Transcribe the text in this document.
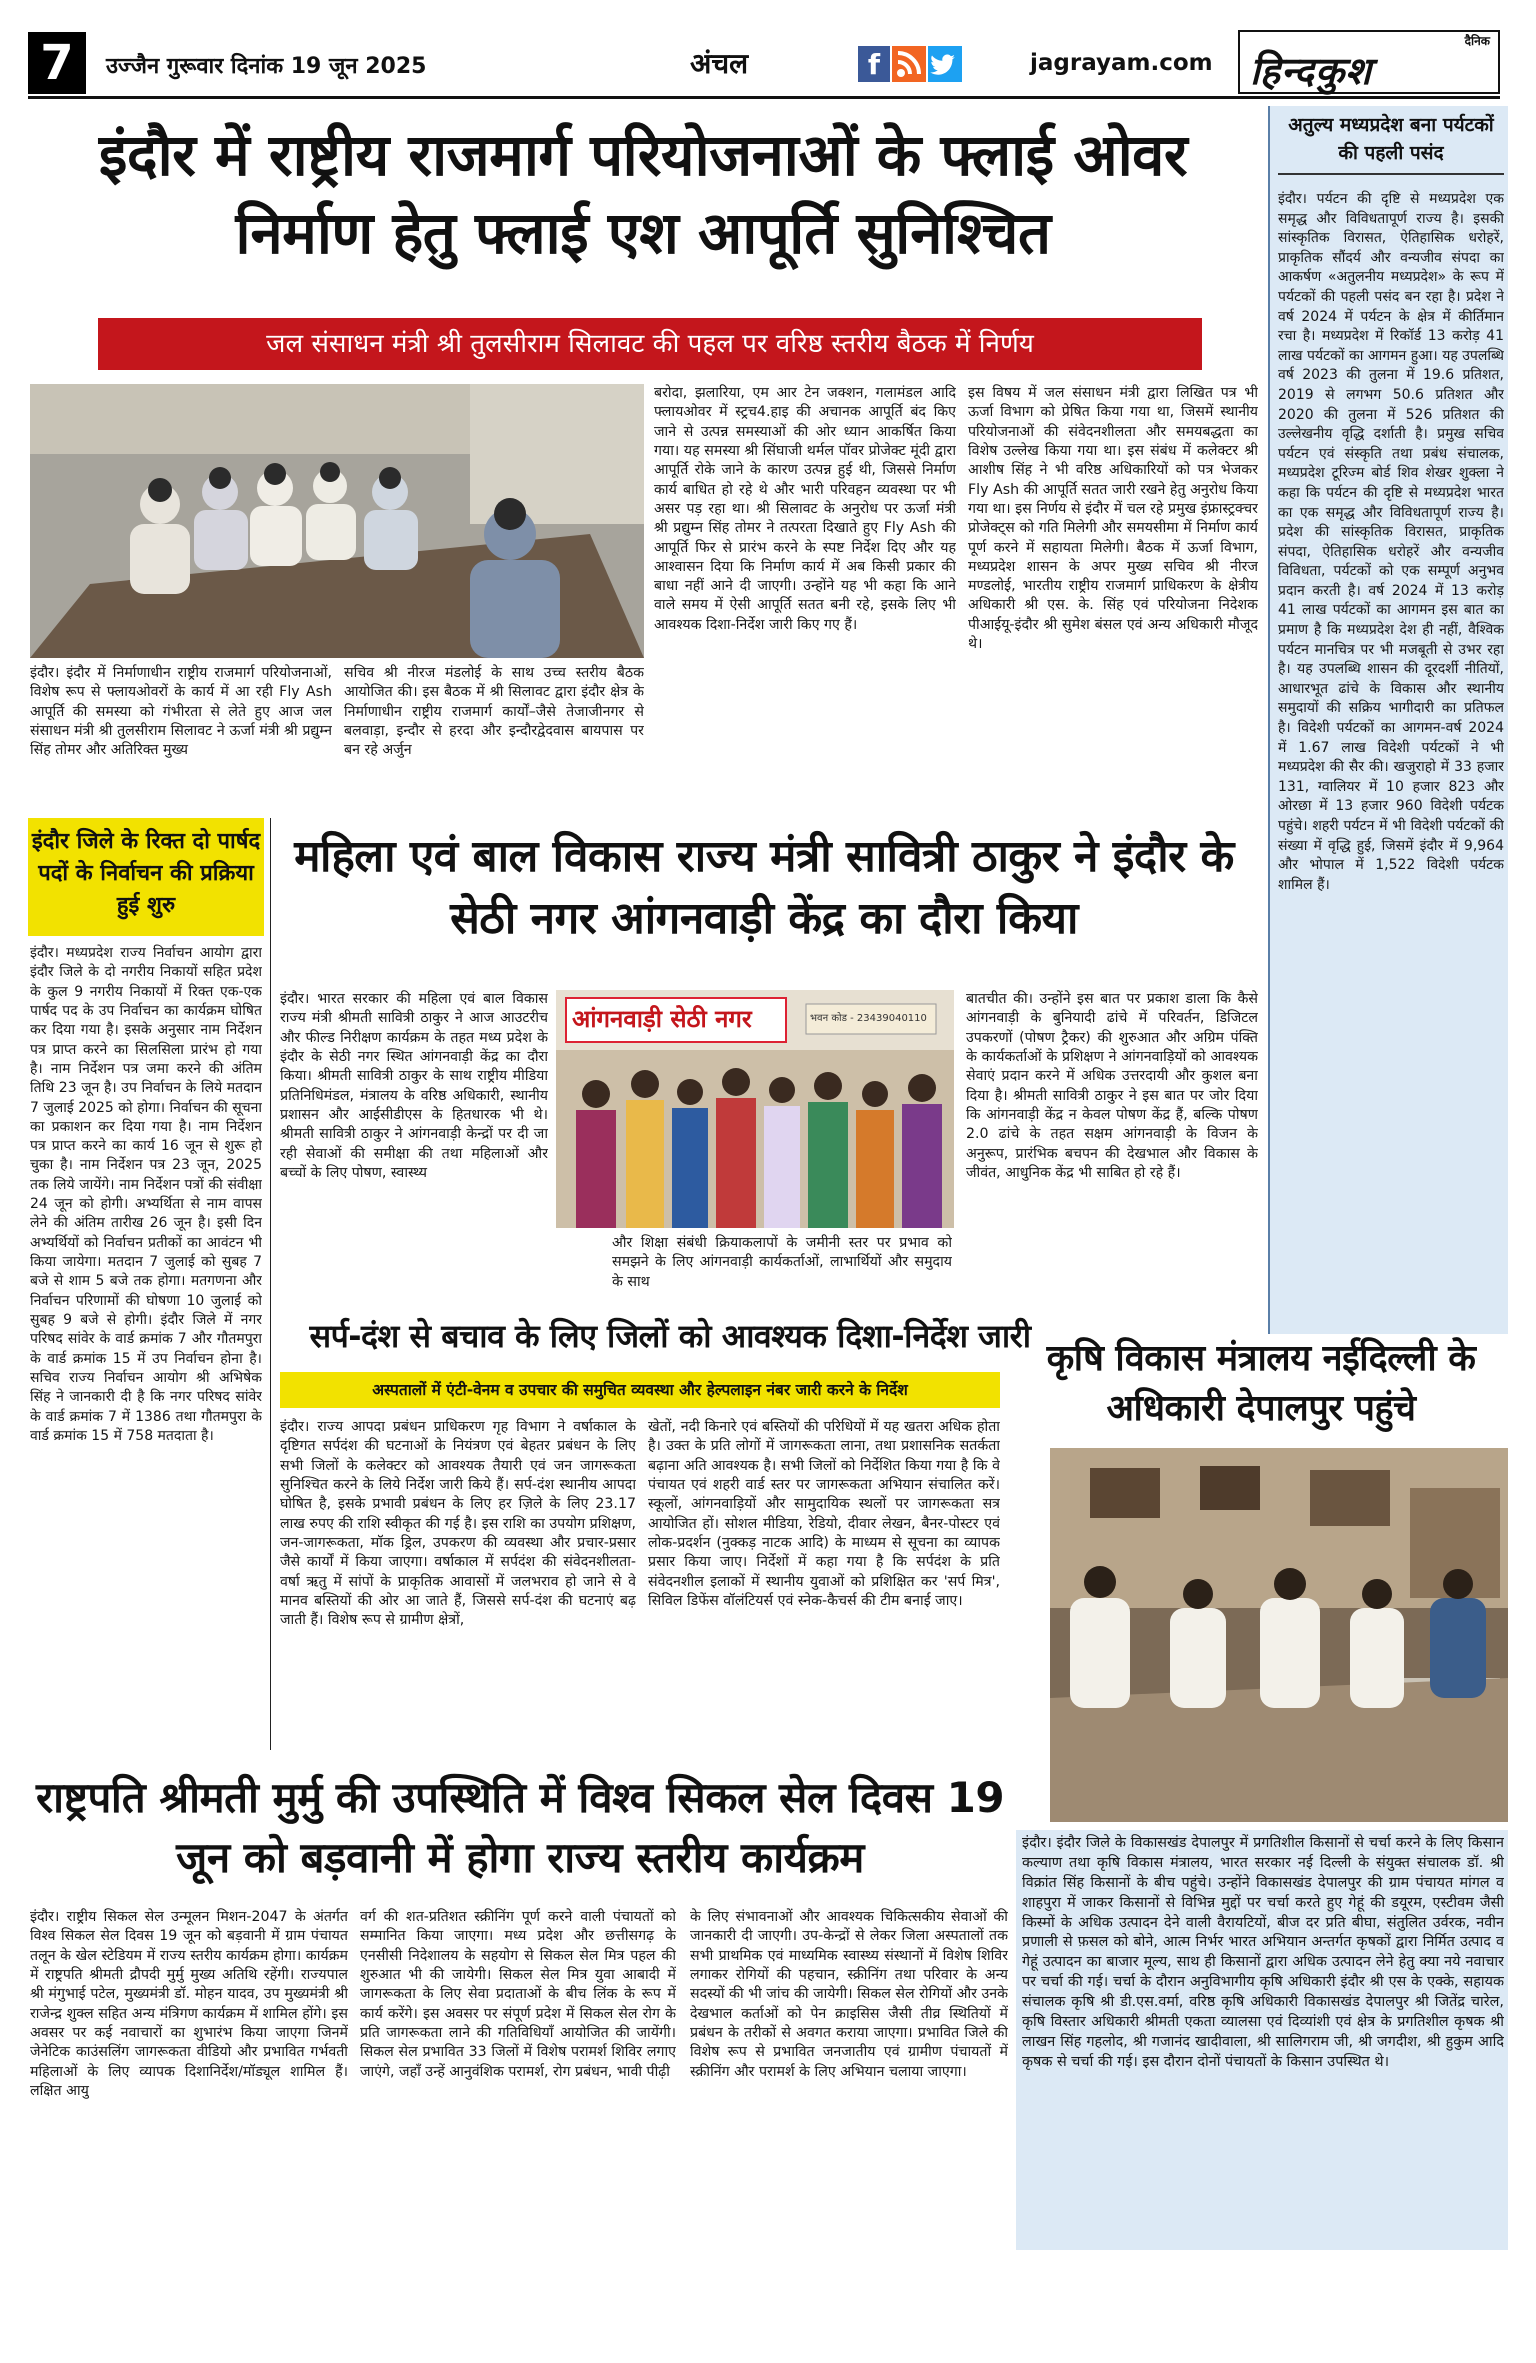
7	उज्जैन गुरूवार दिनांक 19 जून 2025	अंचल	f	jagrayam.com
दैनिक
हिन्दकुश
इंदौर में राष्ट्रीय राजमार्ग परियोजनाओं के फ्लाई ओवर निर्माण हेतु फ्लाई एश आपूर्ति सुनिश्चित
जल संसाधन मंत्री श्री तुलसीराम सिलावट की पहल पर वरिष्ठ स्तरीय बैठक में निर्णय
इंदौर। इंदौर में निर्माणाधीन राष्ट्रीय राजमार्ग परियोजनाओं, विशेष रूप से फ्लायओवरों के कार्य में आ रही Fly Ash आपूर्ति की समस्या को गंभीरता से लेते हुए आज जल संसाधन मंत्री श्री तुलसीराम सिलावट ने ऊर्जा मंत्री श्री प्रद्युम्न सिंह तोमर और अतिरिक्त मुख्य
सचिव श्री नीरज मंडलोई के साथ उच्च स्तरीय बैठक आयोजित की। इस बैठक में श्री सिलावट द्वारा इंदौर क्षेत्र के निर्माणाधीन राष्ट्रीय राजमार्ग कार्यों–जैसे तेजाजीनगर से बलवाड़ा, इन्दौर से हरदा और इन्दौरद्वेदवास बायपास पर बन रहे अर्जुन
बरोदा, झलारिया, एम आर टेन जक्शन, गलामंडल आदि फ्लायओवर में स्ट्रच4.हाइ की अचानक आपूर्ति बंद किए जाने से उत्पन्न समस्याओं की ओर ध्यान आकर्षित किया गया। यह समस्या श्री सिंघाजी थर्मल पॉवर प्रोजेक्ट मूंदी द्वारा आपूर्ति रोके जाने के कारण उत्पन्न हुई थी, जिससे निर्माण कार्य बाधित हो रहे थे और भारी परिवहन व्यवस्था पर भी असर पड़ रहा था। श्री सिलावट के अनुरोध पर ऊर्जा मंत्री श्री प्रद्युम्न सिंह तोमर ने तत्परता दिखाते हुए Fly Ash की आपूर्ति फिर से प्रारंभ करने के स्पष्ट निर्देश दिए और यह आश्वासन दिया कि निर्माण कार्य में अब किसी प्रकार की बाधा नहीं आने दी जाएगी। उन्होंने यह भी कहा कि आने वाले समय में ऐसी आपूर्ति सतत बनी रहे, इसके लिए भी आवश्यक दिशा-निर्देश जारी किए गए हैं।
इस विषय में जल संसाधन मंत्री द्वारा लिखित पत्र भी ऊर्जा विभाग को प्रेषित किया गया था, जिसमें स्थानीय परियोजनाओं की संवेदनशीलता और समयबद्धता का विशेष उल्लेख किया गया था। इस संबंध में कलेक्टर श्री आशीष सिंह ने भी वरिष्ठ अधिकारियों को पत्र भेजकर Fly Ash की आपूर्ति सतत जारी रखने हेतु अनुरोध किया गया था। इस निर्णय से इंदौर में चल रहे प्रमुख इंफ्रास्ट्रक्चर प्रोजेक्ट्स को गति मिलेगी और समयसीमा में निर्माण कार्य पूर्ण करने में सहायता मिलेगी। बैठक में ऊर्जा विभाग, मध्यप्रदेश शासन के अपर मुख्य सचिव श्री नीरज मण्डलोई, भारतीय राष्ट्रीय राजमार्ग प्राधिकरण के क्षेत्रीय अधिकारी श्री एस. के. सिंह एवं परियोजना निदेशक पीआईयू-इंदौर श्री सुमेश बंसल एवं अन्य अधिकारी मौजूद थे।
अतुल्य मध्यप्रदेश बना पर्यटकों की पहली पसंद
इंदौर। पर्यटन की दृष्टि से मध्यप्रदेश एक समृद्ध और विविधतापूर्ण राज्य है। इसकी सांस्कृतिक विरासत, ऐतिहासिक धरोहरें, प्राकृतिक सौंदर्य और वन्यजीव संपदा का आकर्षण «अतुलनीय मध्यप्रदेश» के रूप में पर्यटकों की पहली पसंद बन रहा है। प्रदेश ने वर्ष 2024 में पर्यटन के क्षेत्र में कीर्तिमान रचा है। मध्यप्रदेश में रिकॉर्ड 13 करोड़ 41 लाख पर्यटकों का आगमन हुआ। यह उपलब्धि वर्ष 2023 की तुलना में 19.6 प्रतिशत, 2019 से लगभग 50.6 प्रतिशत और 2020 की तुलना में 526 प्रतिशत की उल्लेखनीय वृद्धि दर्शाती है। प्रमुख सचिव पर्यटन एवं संस्कृति तथा प्रबंध संचालक, मध्यप्रदेश टूरिज्म बोर्ड शिव शेखर शुक्ला ने कहा कि पर्यटन की दृष्टि से मध्यप्रदेश भारत का एक समृद्ध और विविधतापूर्ण राज्य है। प्रदेश की सांस्कृतिक विरासत, प्राकृतिक संपदा, ऐतिहासिक धरोहरें और वन्यजीव विविधता, पर्यटकों को एक सम्पूर्ण अनुभव प्रदान करती है। वर्ष 2024 में 13 करोड़ 41 लाख पर्यटकों का आगमन इस बात का प्रमाण है कि मध्यप्रदेश देश ही नहीं, वैश्विक पर्यटन मानचित्र पर भी मजबूती से उभर रहा है। यह उपलब्धि शासन की दूरदर्शी नीतियों, आधारभूत ढांचे के विकास और स्थानीय समुदायों की सक्रिय भागीदारी का प्रतिफल है। विदेशी पर्यटकों का आगमन-वर्ष 2024 में 1.67 लाख विदेशी पर्यटकों ने भी मध्यप्रदेश की सैर की। खजुराहो में 33 हजार 131, ग्वालियर में 10 हजार 823 और ओरछा में 13 हजार 960 विदेशी पर्यटक पहुंचे। शहरी पर्यटन में भी विदेशी पर्यटकों की संख्या में वृद्धि हुई, जिसमें इंदौर में 9,964 और भोपाल में 1,522 विदेशी पर्यटक शामिल हैं।
इंदौर जिले के रिक्त दो पार्षद पदों के निर्वाचन की प्रक्रिया हुई शुरु
इंदौर। मध्यप्रदेश राज्य निर्वाचन आयोग द्वारा इंदौर जिले के दो नगरीय निकायों सहित प्रदेश के कुल 9 नगरीय निकायों में रिक्त एक-एक पार्षद पद के उप निर्वाचन का कार्यक्रम घोषित कर दिया गया है। इसके अनुसार नाम निर्देशन पत्र प्राप्त करने का सिलसिला प्रारंभ हो गया है। नाम निर्देशन पत्र जमा करने की अंतिम तिथि 23 जून है। उप निर्वाचन के लिये मतदान 7 जुलाई 2025 को होगा। निर्वाचन की सूचना का प्रकाशन कर दिया गया है। नाम निर्देशन पत्र प्राप्त करने का कार्य 16 जून से शुरू हो चुका है। नाम निर्देशन पत्र 23 जून, 2025 तक लिये जायेंगे। नाम निर्देशन पत्रों की संवीक्षा 24 जून को होगी। अभ्यर्थिता से नाम वापस लेने की अंतिम तारीख 26 जून है। इसी दिन अभ्यर्थियों को निर्वाचन प्रतीकों का आवंटन भी किया जायेगा। मतदान 7 जुलाई को सुबह 7 बजे से शाम 5 बजे तक होगा। मतगणना और निर्वाचन परिणामों की घोषणा 10 जुलाई को सुबह 9 बजे से होगी। इंदौर जिले में नगर परिषद सांवेर के वार्ड क्रमांक 7 और गौतमपुरा के वार्ड क्रमांक 15 में उप निर्वाचन होना है। सचिव राज्य निर्वाचन आयोग श्री अभिषेक सिंह ने जानकारी दी है कि नगर परिषद सांवेर के वार्ड क्रमांक 7 में 1386 तथा गौतमपुरा के वार्ड क्रमांक 15 में 758 मतदाता है।
महिला एवं बाल विकास राज्य मंत्री सावित्री ठाकुर ने इंदौर के सेठी नगर आंगनवाड़ी केंद्र का दौरा किया
इंदौर। भारत सरकार की महिला एवं बाल विकास राज्य मंत्री श्रीमती सावित्री ठाकुर ने आज आउटरीच और फील्ड निरीक्षण कार्यक्रम के तहत मध्य प्रदेश के इंदौर के सेठी नगर स्थित आंगनवाड़ी केंद्र का दौरा किया। श्रीमती सावित्री ठाकुर के साथ राष्ट्रीय मीडिया प्रतिनिधिमंडल, मंत्रालय के वरिष्ठ अधिकारी, स्थानीय प्रशासन और आईसीडीएस के हितधारक भी थे। श्रीमती सावित्री ठाकुर ने आंगनवाड़ी केन्द्रों पर दी जा रही सेवाओं की समीक्षा की तथा महिलाओं और बच्चों के लिए पोषण, स्वास्थ्य
आंगनवाड़ी सेठी नगर	भवन कोड - 23439040110
और शिक्षा संबंधी क्रियाकलापों के जमीनी स्तर पर प्रभाव को समझने के लिए आंगनवाड़ी कार्यकर्ताओं, लाभार्थियों और समुदाय के साथ
बातचीत की। उन्होंने इस बात पर प्रकाश डाला कि कैसे आंगनवाड़ी के बुनियादी ढांचे में परिवर्तन, डिजिटल उपकरणों (पोषण ट्रैकर) की शुरुआत और अग्रिम पंक्ति के कार्यकर्ताओं के प्रशिक्षण ने आंगनवाड़ियों को आवश्यक सेवाएं प्रदान करने में अधिक उत्तरदायी और कुशल बना दिया है। श्रीमती सावित्री ठाकुर ने इस बात पर जोर दिया कि आंगनवाड़ी केंद्र न केवल पोषण केंद्र हैं, बल्कि पोषण 2.0 ढांचे के तहत सक्षम आंगनवाड़ी के विजन के अनुरूप, प्रारंभिक बचपन की देखभाल और विकास के जीवंत, आधुनिक केंद्र भी साबित हो रहे हैं।
सर्प-दंश से बचाव के लिए जिलों को आवश्यक दिशा-निर्देश जारी
अस्पतालों में एंटी-वेनम व उपचार की समुचित व्यवस्था और हेल्पलाइन नंबर जारी करने के निर्देश
इंदौर। राज्य आपदा प्रबंधन प्राधिकरण गृह विभाग ने वर्षाकाल के दृष्टिगत सर्पदंश की घटनाओं के नियंत्रण एवं बेहतर प्रबंधन के लिए सभी जिलों के कलेक्टर को आवश्यक तैयारी एवं जन जागरूकता सुनिश्चित करने के लिये निर्देश जारी किये हैं। सर्प-दंश स्थानीय आपदा घोषित है, इसके प्रभावी प्रबंधन के लिए हर ज़िले के लिए 23.17 लाख रुपए की राशि स्वीकृत की गई है। इस राशि का उपयोग प्रशिक्षण, जन-जागरूकता, मॉक ड्रिल, उपकरण की व्यवस्था और प्रचार-प्रसार जैसे कार्यों में किया जाएगा। वर्षाकाल में सर्पदंश की संवेदनशीलता- वर्षा ऋतु में सांपों के प्राकृतिक आवासों में जलभराव हो जाने से वे मानव बस्तियों की ओर आ जाते हैं, जिससे सर्प-दंश की घटनाएं बढ़ जाती हैं। विशेष रूप से ग्रामीण क्षेत्रों,
खेतों, नदी किनारे एवं बस्तियों की परिधियों में यह खतरा अधिक होता है। उक्त के प्रति लोगों में जागरूकता लाना, तथा प्रशासनिक सतर्कता बढ़ाना अति आवश्यक है। सभी जिलों को निर्देशित किया गया है कि वे पंचायत एवं शहरी वार्ड स्तर पर जागरूकता अभियान संचालित करें। स्कूलों, आंगनवाड़ियों और सामुदायिक स्थलों पर जागरूकता सत्र आयोजित हों। सोशल मीडिया, रेडियो, दीवार लेखन, बैनर-पोस्टर एवं लोक-प्रदर्शन (नुक्कड़ नाटक आदि) के माध्यम से सूचना का व्यापक प्रसार किया जाए। निर्देशों में कहा गया है कि सर्पदंश के प्रति संवेदनशील इलाकों में स्थानीय युवाओं को प्रशिक्षित कर 'सर्प मित्र', सिविल डिफेंस वॉलंटियर्स एवं स्नेक-कैचर्स की टीम बनाई जाए।
कृषि विकास मंत्रालय नईदिल्ली के अधिकारी देपालपुर पहुंचे
इंदौर। इंदौर जिले के विकासखंड देपालपुर में प्रगतिशील किसानों से चर्चा करने के लिए किसान कल्याण तथा कृषि विकास मंत्रालय, भारत सरकार नई दिल्ली के संयुक्त संचालक डॉ. श्री विक्रांत सिंह किसानों के बीच पहुंचे। उन्होंने विकासखंड देपालपुर की ग्राम पंचायत मांगल व शाहपुरा में जाकर किसानों से विभिन्न मुद्दों पर चर्चा करते हुए गेहूं की डयूरम, एस्टीवम जैसी किस्मों के अधिक उत्पादन देने वाली वैरायटियों, बीज दर प्रति बीघा, संतुलित उर्वरक, नवीन प्रणाली से फ़सल को बोने, आत्म निर्भर भारत अभियान अन्तर्गत कृषकों द्वारा निर्मित उत्पाद व गेहूं उत्पादन का बाजार मूल्य, साथ ही किसानों द्वारा अधिक उत्पादन लेने हेतु क्या नये नवाचार पर चर्चा की गई। चर्चा के दौरान अनुविभागीय कृषि अधिकारी इंदौर श्री एस के एक्के, सहायक संचालक कृषि श्री डी.एस.वर्मा, वरिष्ठ कृषि अधिकारी विकासखंड देपालपुर श्री जितेंद्र चारेल, कृषि विस्तार अधिकारी श्रीमती एकता व्यालसा एवं दिव्यांशी एवं क्षेत्र के प्रगतिशील कृषक श्री लाखन सिंह गहलोद, श्री गजानंद खादीवाला, श्री सालिगराम जी, श्री जगदीश, श्री हुकुम आदि कृषक से चर्चा की गई। इस दौरान दोनों पंचायतों के किसान उपस्थित थे।
राष्ट्रपति श्रीमती मुर्मु की उपस्थिति में विश्व सिकल सेल दिवस 19 जून को बड़वानी में होगा राज्य स्तरीय कार्यक्रम
इंदौर। राष्ट्रीय सिकल सेल उन्मूलन मिशन-2047 के अंतर्गत विश्व सिकल सेल दिवस 19 जून को बड़वानी में ग्राम पंचायत तलून के खेल स्टेडियम में राज्य स्तरीय कार्यक्रम होगा। कार्यक्रम में राष्ट्रपति श्रीमती द्रौपदी मुर्मु मुख्य अतिथि रहेंगी। राज्यपाल श्री मंगुभाई पटेल, मुख्यमंत्री डॉ. मोहन यादव, उप मुख्यमंत्री श्री राजेन्द्र शुक्ल सहित अन्य मंत्रिगण कार्यक्रम में शामिल होंगे। इस अवसर पर कई नवाचारों का शुभारंभ किया जाएगा जिनमें जेनेटिक काउंसलिंग जागरूकता वीडियो और प्रभावित गर्भवती महिलाओं के लिए व्यापक दिशानिर्देश/मॉड्यूल शामिल हैं। लक्षित आयु
वर्ग की शत-प्रतिशत स्क्रीनिंग पूर्ण करने वाली पंचायतों को सम्मानित किया जाएगा। मध्य प्रदेश और छत्तीसगढ़ के एनसीसी निदेशालय के सहयोग से सिकल सेल मित्र पहल की शुरुआत भी की जायेगी। सिकल सेल मित्र युवा आबादी में जागरूकता के लिए सेवा प्रदाताओं के बीच लिंक के रूप में कार्य करेंगे। इस अवसर पर संपूर्ण प्रदेश में सिकल सेल रोग के प्रति जागरूकता लाने की गतिविधियाँ आयोजित की जायेंगी। सिकल सेल प्रभावित 33 जिलों में विशेष परामर्श शिविर लगाए जाएंगे, जहाँ उन्हें आनुवंशिक परामर्श, रोग प्रबंधन, भावी पीढ़ी
के लिए संभावनाओं और आवश्यक चिकित्सकीय सेवाओं की जानकारी दी जाएगी। उप-केन्द्रों से लेकर जिला अस्पतालों तक सभी प्राथमिक एवं माध्यमिक स्वास्थ्य संस्थानों में विशेष शिविर लगाकर रोगियों की पहचान, स्क्रीनिंग तथा परिवार के अन्य सदस्यों की भी जांच की जायेगी। सिकल सेल रोगियों और उनके देखभाल कर्ताओं को पेन क्राइसिस जैसी तीव्र स्थितियों में प्रबंधन के तरीकों से अवगत कराया जाएगा। प्रभावित जिले की विशेष रूप से प्रभावित जनजातीय एवं ग्रामीण पंचायतों में स्क्रीनिंग और परामर्श के लिए अभियान चलाया जाएगा।
